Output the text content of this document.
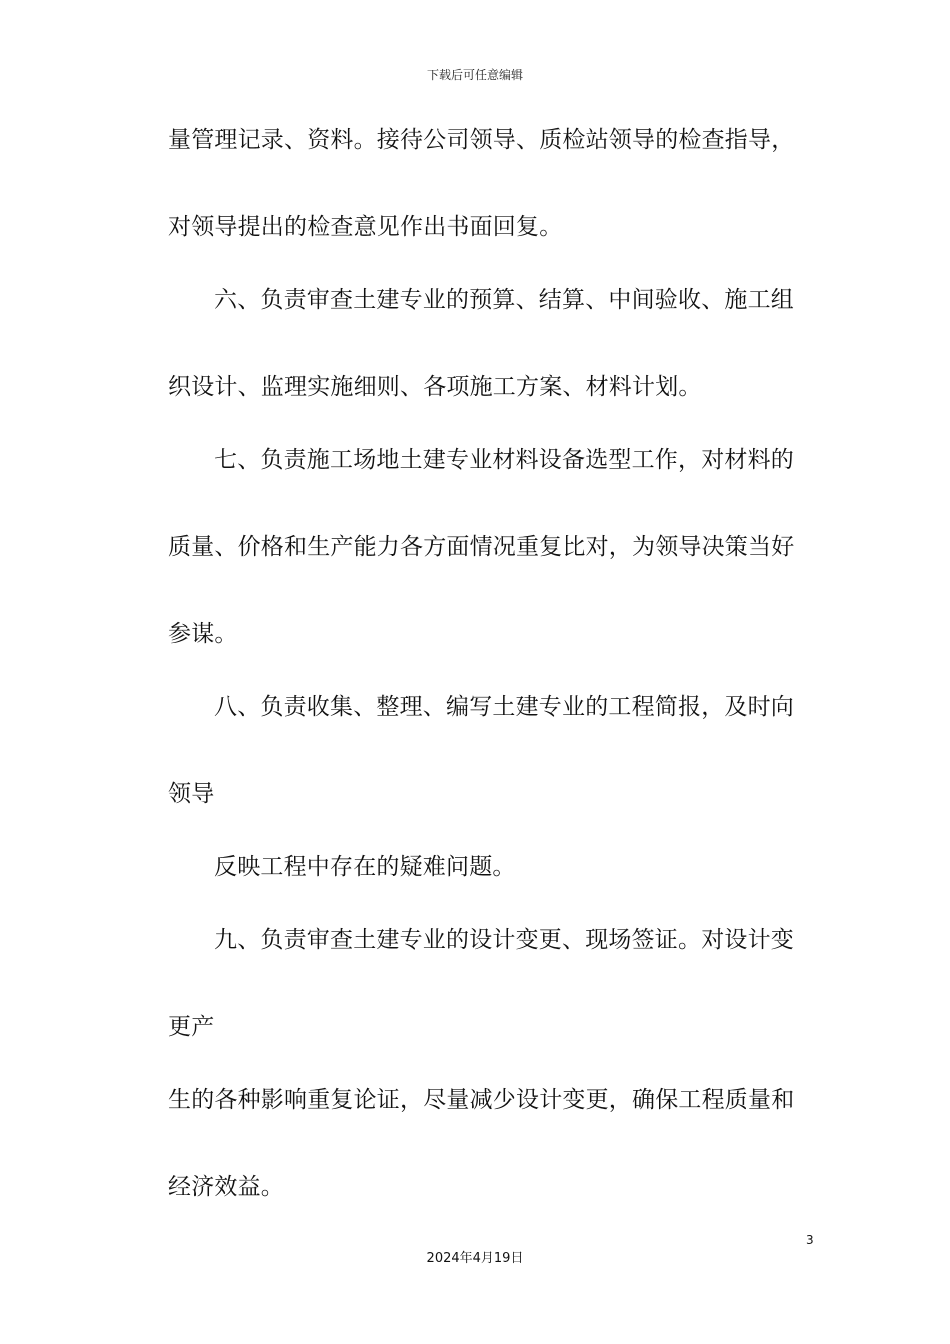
下载后可任意编辑
量管理记录、资料。接待公司领导、质检站领导的检查指导，
对领导提出的检查意见作出书面回复。
六、负责审查土建专业的预算、结算、中间验收、施工组
织设计、监理实施细则、各项施工方案、材料计划。
七、负责施工场地土建专业材料设备选型工作，对材料的
质量、价格和生产能力各方面情况重复比对，为领导决策当好
参谋。
八、负责收集、整理、编写土建专业的工程简报，及时向
领导
反映工程中存在的疑难问题。
九、负责审查土建专业的设计变更、现场签证。对设计变
更产
生的各种影响重复论证，尽量减少设计变更，确保工程质量和
经济效益。
3
2024年4月19日
